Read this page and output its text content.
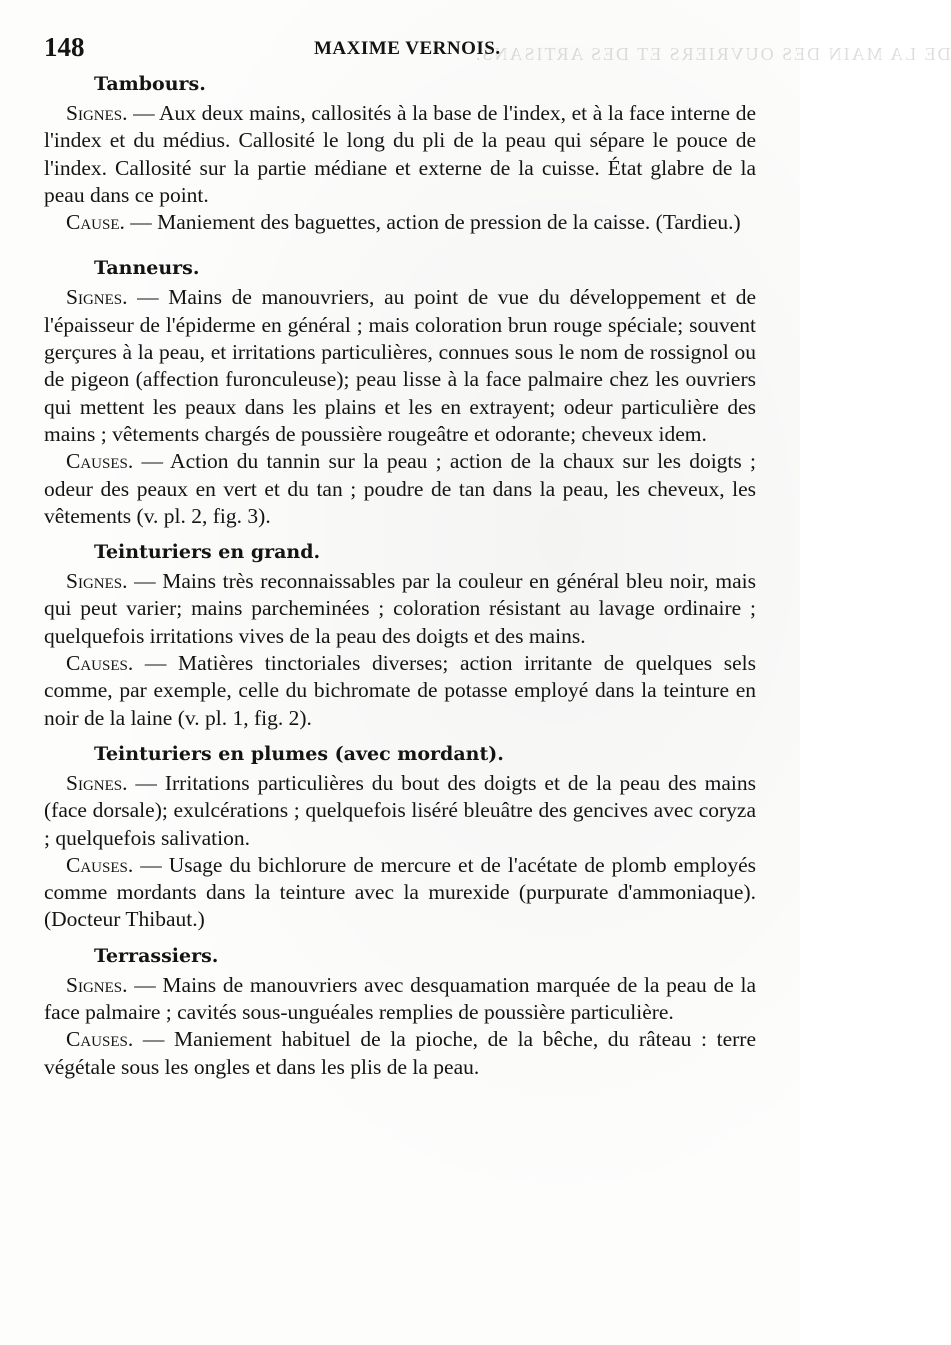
148	MAXIME VERNOIS.
DE LA MAIN DES OUVRIERS ET DES ARTISANS.
Tambours.

Signes. — Aux deux mains, callosités à la base de l'index, et à la face interne de l'index et du médius. Callosité le long du pli de la peau qui sépare le pouce de l'index. Callosité sur la partie médiane et externe de la cuisse. État glabre de la peau dans ce point.

Cause. — Maniement des baguettes, action de pression de la caisse. (Tardieu.)

Tanneurs.

Signes. — Mains de manouvriers, au point de vue du développement et de l'épaisseur de l'épiderme en général ; mais coloration brun rouge spéciale; souvent gerçures à la peau, et irritations particulières, connues sous le nom de rossignol ou de pigeon (affection furonculeuse); peau lisse à la face palmaire chez les ouvriers qui mettent les peaux dans les plains et les en extrayent; odeur particulière des mains ; vêtements chargés de poussière rougeâtre et odorante; cheveux idem.

Causes. — Action du tannin sur la peau ; action de la chaux sur les doigts ; odeur des peaux en vert et du tan ; poudre de tan dans la peau, les cheveux, les vêtements (v. pl. 2, fig. 3).

Teinturiers en grand.

Signes. — Mains très reconnaissables par la couleur en général bleu noir, mais qui peut varier; mains parcheminées ; coloration résistant au lavage ordinaire ; quelquefois irritations vives de la peau des doigts et des mains.

Causes. — Matières tinctoriales diverses; action irritante de quelques sels comme, par exemple, celle du bichromate de potasse employé dans la teinture en noir de la laine (v. pl. 1, fig. 2).

Teinturiers en plumes (avec mordant).

Signes. — Irritations particulières du bout des doigts et de la peau des mains (face dorsale); exulcérations ; quelquefois liséré bleuâtre des gencives avec coryza ; quelquefois salivation.

Causes. — Usage du bichlorure de mercure et de l'acétate de plomb employés comme mordants dans la teinture avec la murexide (purpurate d'ammoniaque). (Docteur Thibaut.)

Terrassiers.

Signes. — Mains de manouvriers avec desquamation marquée de la peau de la face palmaire ; cavités sous-unguéales remplies de poussière particulière.

Causes. — Maniement habituel de la pioche, de la bêche, du râteau : terre végétale sous les ongles et dans les plis de la peau.
